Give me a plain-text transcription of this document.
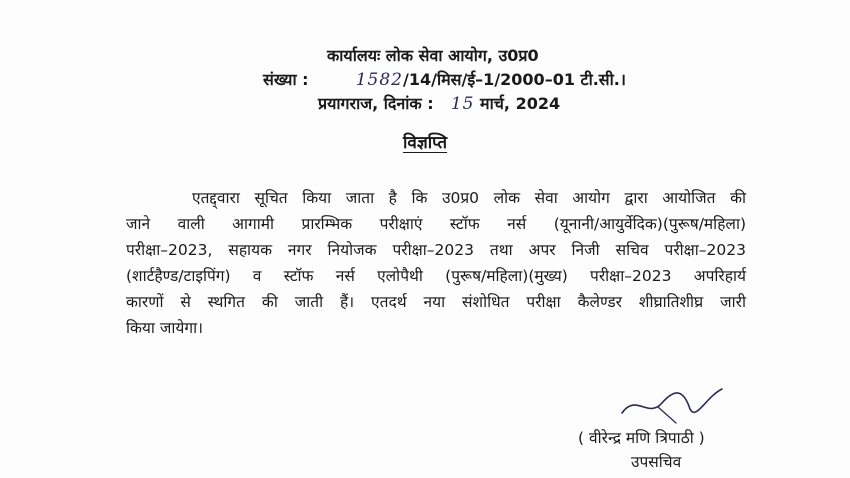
कार्यालयः लोक सेवा आयोग, उ0प्र0
संख्या :	1582/14/मिस/ई–1/2000–01 टी.सी.।
प्रयागराज, दिनांक : 15 मार्च, 2024
विज्ञप्ति
एतद्द्वारा सूचित किया जाता है कि उ0प्र0 लोक सेवा आयोग द्वारा आयोजित की
जाने वाली आगामी प्रारम्भिक परीक्षाएं स्टॉफ नर्स (यूनानी/आयुर्वेदिक)(पुरूष/महिला)
परीक्षा–2023, सहायक नगर नियोजक परीक्षा–2023 तथा अपर निजी सचिव परीक्षा–2023
(शार्टहैण्ड/टाइपिंग) व स्टॉफ नर्स एलोपैथी (पुरूष/महिला)(मुख्य) परीक्षा–2023 अपरिहार्य
कारणों से स्थगित की जाती हैं। एतदर्थ नया संशोधित परीक्षा कैलेण्डर शीघ्रातिशीघ्र जारी
किया जायेगा।
( वीरेन्द्र मणि त्रिपाठी )
उपसचिव
